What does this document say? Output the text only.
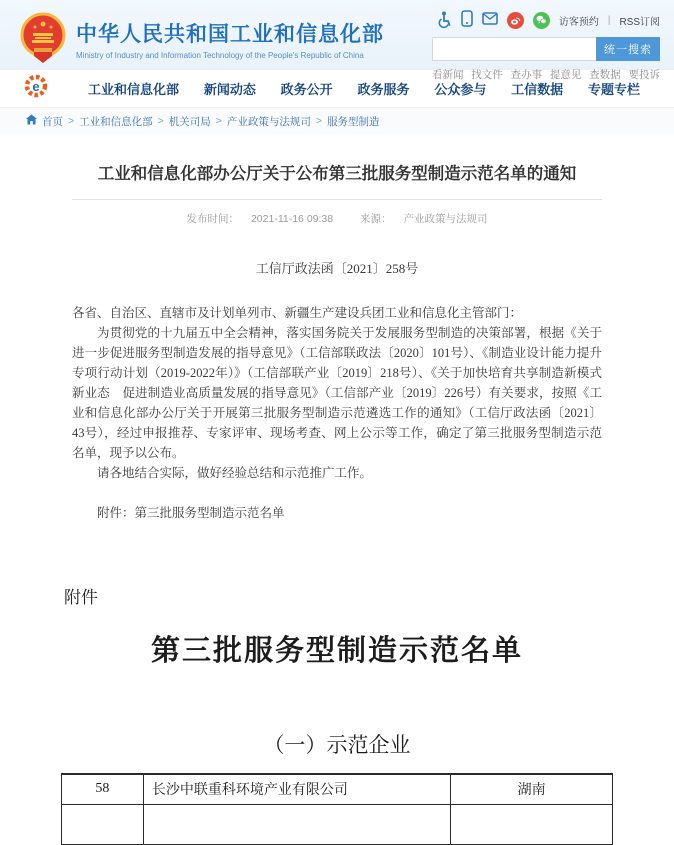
中华人民共和国工业和信息化部
Ministry of Industry and Information Technology of the People's Republic of China
访客预约 | RSS订阅
统一搜索
看新闻 找文件 查办事 提意见 查数据 要投诉
e	工业和信息化部 新闻动态 政务公开 政务服务 公众参与 工信数据 专题专栏
首页 > 工业和信息化部 > 机关司局 > 产业政策与法规司 > 服务型制造
工业和信息化部办公厅关于公布第三批服务型制造示范名单的通知
发布时间： 2021-11-16 09:38	来源： 产业政策与法规司
工信厅政法函〔2021〕258号
各省、自治区、直辖市及计划单列市、新疆生产建设兵团工业和信息化主管部门：
为贯彻党的十九届五中全会精神，落实国务院关于发展服务型制造的决策部署，根据《关于进一步促进服务型制造发展的指导意见》（工信部联政法〔2020〕101号）、《制造业设计能力提升专项行动计划（2019-2022年）》（工信部联产业〔2019〕218号）、《关于加快培育共享制造新模式新业态　促进制造业高质量发展的指导意见》（工信部产业〔2019〕226号）有关要求，按照《工业和信息化部办公厅关于开展第三批服务型制造示范遴选工作的通知》（工信厅政法函〔2021〕43号），经过申报推荐、专家评审、现场考查、网上公示等工作，确定了第三批服务型制造示范名单，现予以公布。
请各地结合实际，做好经验总结和示范推广工作。
附件：第三批服务型制造示范名单
附件
第三批服务型制造示范名单
（一）示范企业
58	长沙中联重科环境产业有限公司	湖南
